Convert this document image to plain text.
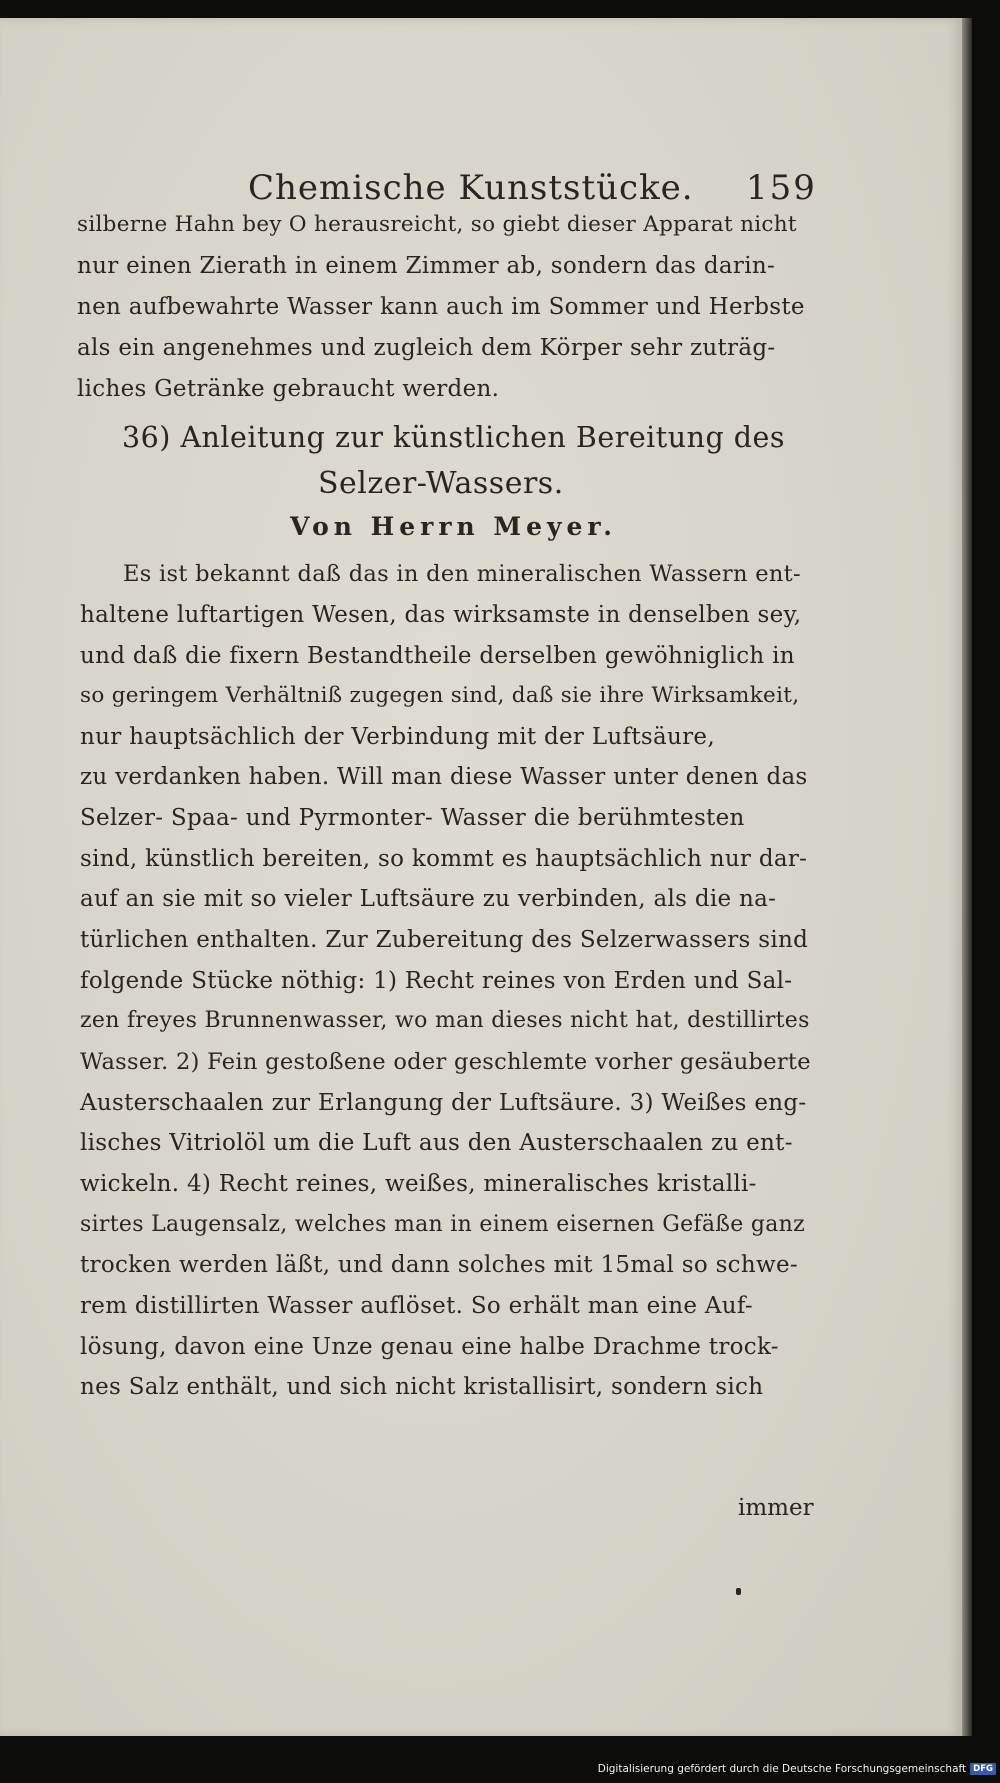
Chemische Kunststücke. 159
silberne Hahn bey O herausreicht, so giebt dieser Apparat nicht
nur einen Zierath in einem Zimmer ab, sondern das darin-
nen aufbewahrte Wasser kann auch im Sommer und Herbste
als ein angenehmes und zugleich dem Körper sehr zuträg-
liches Getränke gebraucht werden.
36) Anleitung zur künstlichen Bereitung des
Selzer-Wassers.
Von Herrn Meyer.
Es ist bekannt daß das in den mineralischen Wassern ent-
haltene luftartigen Wesen, das wirksamste in denselben sey,
und daß die fixern Bestandtheile derselben gewöhniglich in
so geringem Verhältniß zugegen sind, daß sie ihre Wirksamkeit,
nur hauptsächlich der Verbindung mit der Luftsäure,
zu verdanken haben. Will man diese Wasser unter denen das
Selzer- Spaa- und Pyrmonter- Wasser die berühmtesten
sind, künstlich bereiten, so kommt es hauptsächlich nur dar-
auf an sie mit so vieler Luftsäure zu verbinden, als die na-
türlichen enthalten. Zur Zubereitung des Selzerwassers sind
folgende Stücke nöthig: 1) Recht reines von Erden und Sal-
zen freyes Brunnenwasser, wo man dieses nicht hat, destillirtes
Wasser. 2) Fein gestoßene oder geschlemte vorher gesäuberte
Austerschaalen zur Erlangung der Luftsäure. 3) Weißes eng-
lisches Vitriolöl um die Luft aus den Austerschaalen zu ent-
wickeln. 4) Recht reines, weißes, mineralisches kristalli-
sirtes Laugensalz, welches man in einem eisernen Gefäße ganz
trocken werden läßt, und dann solches mit 15mal so schwe-
rem distillirten Wasser auflöset. So erhält man eine Auf-
lösung, davon eine Unze genau eine halbe Drachme trock-
nes Salz enthält, und sich nicht kristallisirt, sondern sich
immer
Digitalisierung gefördert durch die Deutsche Forschungsgemeinschaft DFG
